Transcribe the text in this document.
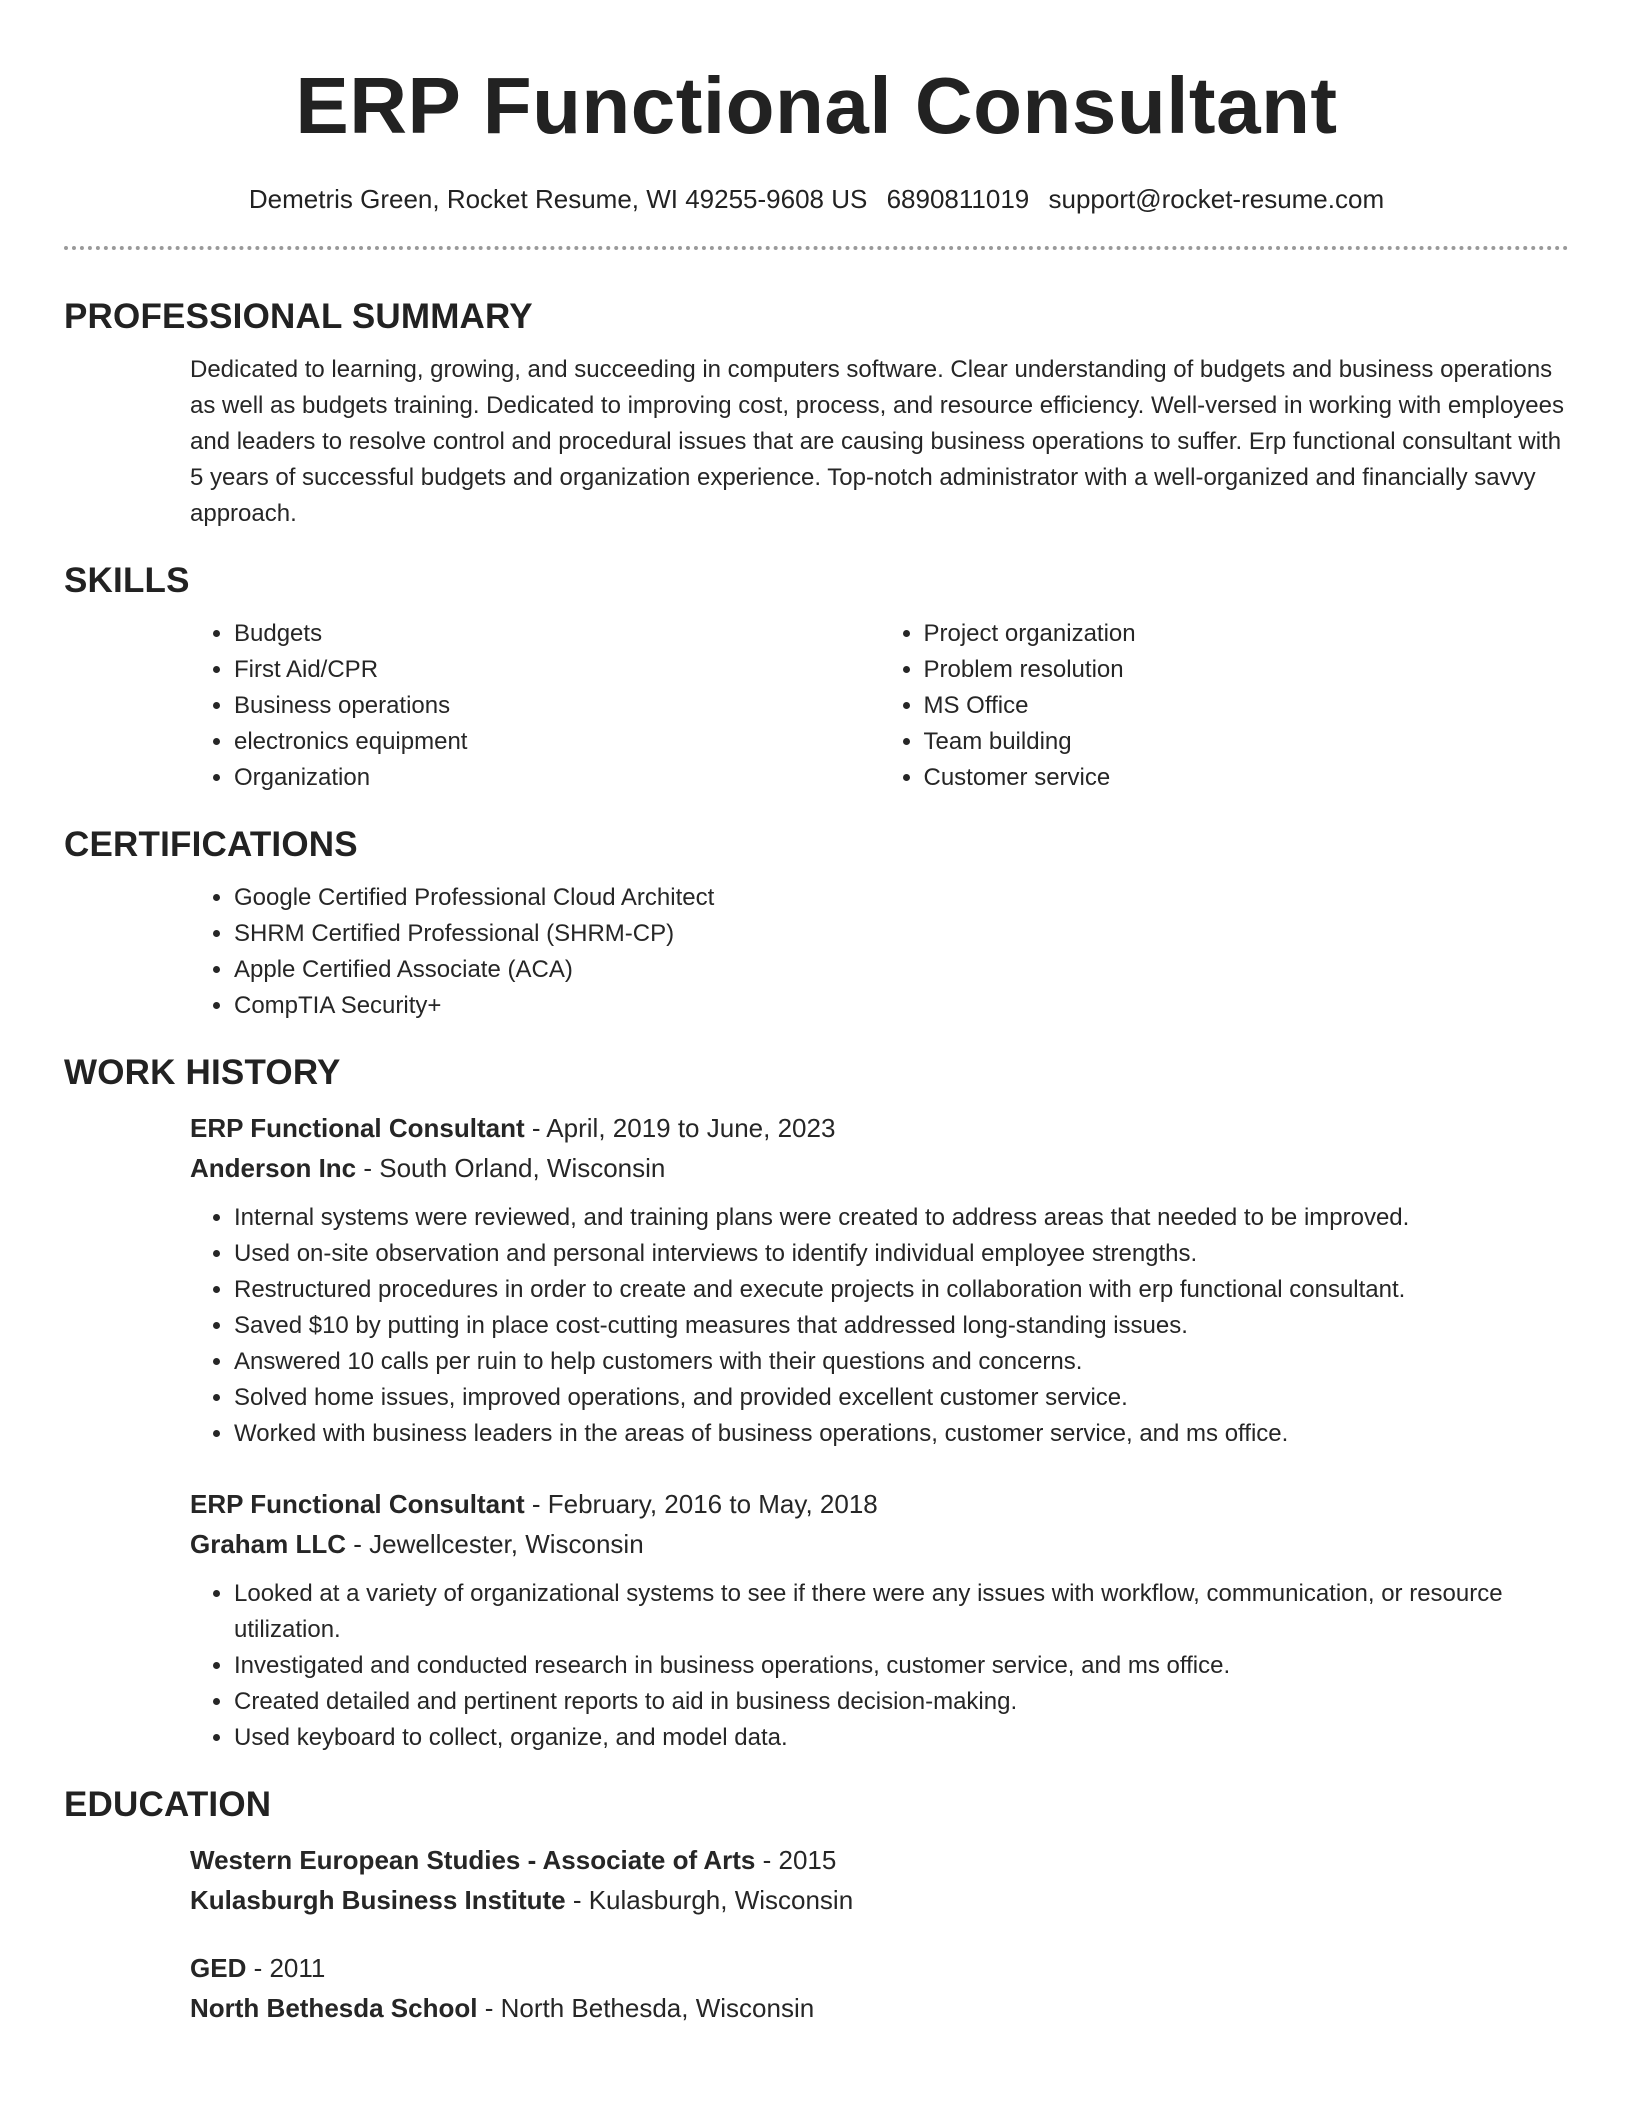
ERP Functional Consultant
Demetris Green, Rocket Resume, WI 49255-9608 US 6890811019 support@rocket-resume.com
PROFESSIONAL SUMMARY

Dedicated to learning, growing, and succeeding in computers software. Clear understanding of budgets and business operations as well as budgets training. Dedicated to improving cost, process, and resource efficiency. Well-versed in working with employees and leaders to resolve control and procedural issues that are causing business operations to suffer. Erp functional consultant with 5 years of successful budgets and organization experience. Top-notch administrator with a well-organized and financially savvy approach.

SKILLS
• Budgets
• First Aid/CPR
• Business operations
• electronics equipment
• Organization
• Project organization
• Problem resolution
• MS Office
• Team building
• Customer service
CERTIFICATIONS
• Google Certified Professional Cloud Architect
• SHRM Certified Professional (SHRM-CP)
• Apple Certified Associate (ACA)
• CompTIA Security+
WORK HISTORY
ERP Functional Consultant - April, 2019 to June, 2023
Anderson Inc - South Orland, Wisconsin
• Internal systems were reviewed, and training plans were created to address areas that needed to be improved.
• Used on-site observation and personal interviews to identify individual employee strengths.
• Restructured procedures in order to create and execute projects in collaboration with erp functional consultant.
• Saved $10 by putting in place cost-cutting measures that addressed long-standing issues.
• Answered 10 calls per ruin to help customers with their questions and concerns.
• Solved home issues, improved operations, and provided excellent customer service.
• Worked with business leaders in the areas of business operations, customer service, and ms office.
ERP Functional Consultant - February, 2016 to May, 2018
Graham LLC - Jewellcester, Wisconsin
• Looked at a variety of organizational systems to see if there were any issues with workflow, communication, or resource utilization.
• Investigated and conducted research in business operations, customer service, and ms office.
• Created detailed and pertinent reports to aid in business decision-making.
• Used keyboard to collect, organize, and model data.
EDUCATION
Western European Studies - Associate of Arts - 2015
Kulasburgh Business Institute - Kulasburgh, Wisconsin
GED - 2011
North Bethesda School - North Bethesda, Wisconsin
